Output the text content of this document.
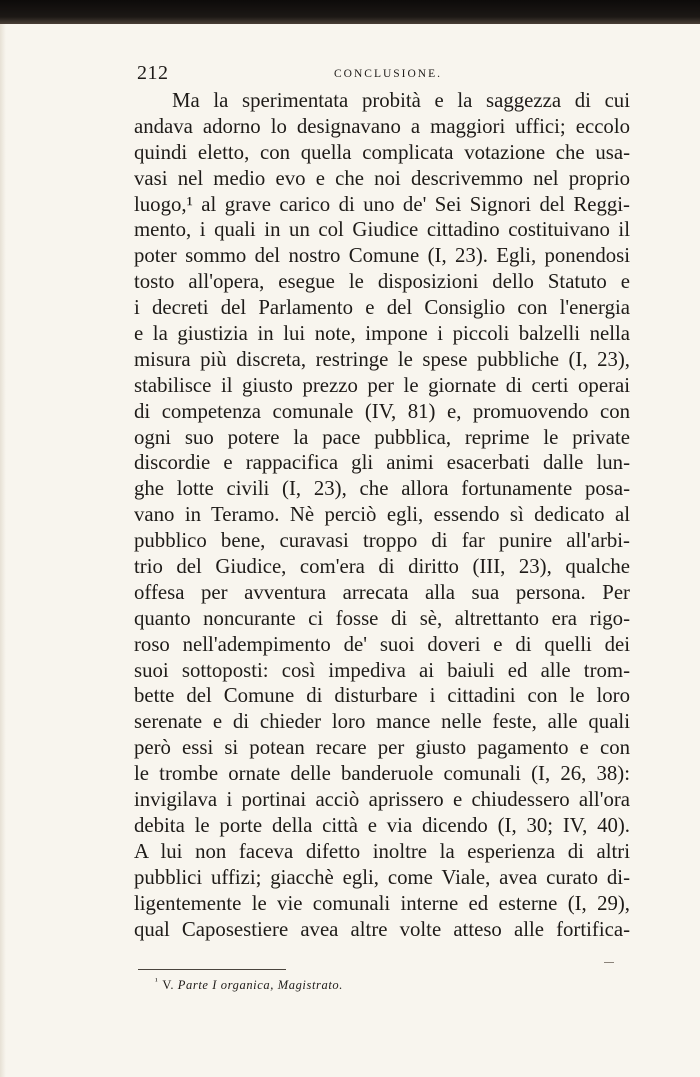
212	CONCLUSIONE.
Ma la sperimentata probità e la saggezza di cui
andava adorno lo designavano a maggiori uffici; eccolo
quindi eletto, con quella complicata votazione che usa-
vasi nel medio evo e che noi descrivemmo nel proprio
luogo,¹ al grave carico di uno de' Sei Signori del Reggi-
mento, i quali in un col Giudice cittadino costituivano il
poter sommo del nostro Comune (I, 23). Egli, ponendosi
tosto all'opera, esegue le disposizioni dello Statuto e
i decreti del Parlamento e del Consiglio con l'energia
e la giustizia in lui note, impone i piccoli balzelli nella
misura più discreta, restringe le spese pubbliche (I, 23),
stabilisce il giusto prezzo per le giornate di certi operai
di competenza comunale (IV, 81) e, promuovendo con
ogni suo potere la pace pubblica, reprime le private
discordie e rappacifica gli animi esacerbati dalle lun-
ghe lotte civili (I, 23), che allora fortunamente posa-
vano in Teramo. Nè perciò egli, essendo sì dedicato al
pubblico bene, curavasi troppo di far punire all'arbi-
trio del Giudice, com'era di diritto (III, 23), qualche
offesa per avventura arrecata alla sua persona. Per
quanto noncurante ci fosse di sè, altrettanto era rigo-
roso nell'adempimento de' suoi doveri e di quelli dei
suoi sottoposti: così impediva ai baiuli ed alle trom-
bette del Comune di disturbare i cittadini con le loro
serenate e di chieder loro mance nelle feste, alle quali
però essi si potean recare per giusto pagamento e con
le trombe ornate delle banderuole comunali (I, 26, 38):
invigilava i portinai acciò aprissero e chiudessero all'ora
debita le porte della città e via dicendo (I, 30; IV, 40).
A lui non faceva difetto inoltre la esperienza di altri
pubblici uffizi; giacchè egli, come Viale, avea curato di-
ligentemente le vie comunali interne ed esterne (I, 29),
qual Caposestiere avea altre volte atteso alle fortifica-
$^{^1}$ V. Parte I organica, Magistrato.
